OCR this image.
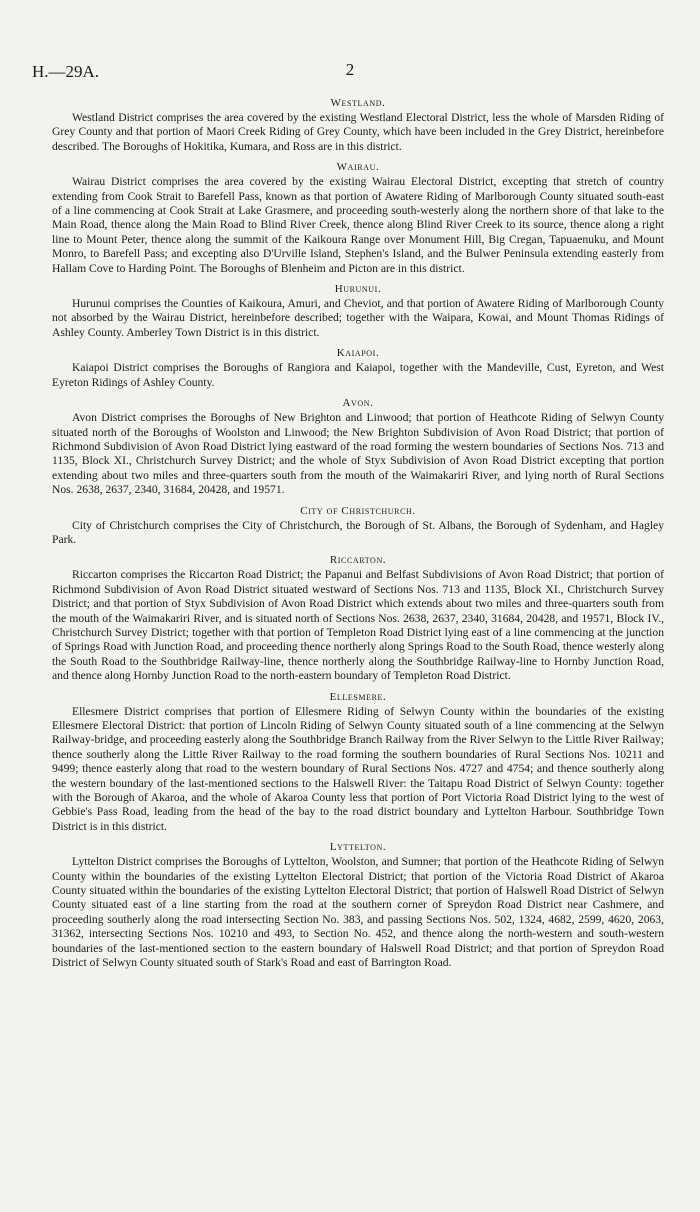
H.—29A.	2
Westland.

Westland District comprises the area covered by the existing Westland Electoral District, less the whole of Marsden Riding of Grey County and that portion of Maori Creek Riding of Grey County, which have been included in the Grey District, hereinbefore described. The Boroughs of Hokitika, Kumara, and Ross are in this district.

Wairau.

Wairau District comprises the area covered by the existing Wairau Electoral District, excepting that stretch of country extending from Cook Strait to Barefell Pass, known as that portion of Awatere Riding of Marlborough County situated south-east of a line commencing at Cook Strait at Lake Grasmere, and proceeding south-westerly along the northern shore of that lake to the Main Road, thence along the Main Road to Blind River Creek, thence along Blind River Creek to its source, thence along a right line to Mount Peter, thence along the summit of the Kaikoura Range over Monument Hill, Big Cregan, Tapuaenuku, and Mount Monro, to Barefell Pass; and excepting also D'Urville Island, Stephen's Island, and the Bulwer Peninsula extending easterly from Hallam Cove to Harding Point. The Boroughs of Blenheim and Picton are in this district.

Hurunui.

Hurunui comprises the Counties of Kaikoura, Amuri, and Cheviot, and that portion of Awatere Riding of Marlborough County not absorbed by the Wairau District, hereinbefore described; together with the Waipara, Kowai, and Mount Thomas Ridings of Ashley County. Amberley Town District is in this district.

Kaiapoi.

Kaiapoi District comprises the Boroughs of Rangiora and Kaiapoi, together with the Mandeville, Cust, Eyreton, and West Eyreton Ridings of Ashley County.

Avon.

Avon District comprises the Boroughs of New Brighton and Linwood; that portion of Heathcote Riding of Selwyn County situated north of the Boroughs of Woolston and Linwood; the New Brighton Subdivision of Avon Road District; that portion of Richmond Subdivision of Avon Road District lying eastward of the road forming the western boundaries of Sections Nos. 713 and 1135, Block XI., Christchurch Survey District; and the whole of Styx Subdivision of Avon Road District excepting that portion extending about two miles and three-quarters south from the mouth of the Waimakariri River, and lying north of Rural Sections Nos. 2638, 2637, 2340, 31684, 20428, and 19571.

City of Christchurch.

City of Christchurch comprises the City of Christchurch, the Borough of St. Albans, the Borough of Sydenham, and Hagley Park.

Riccarton.

Riccarton comprises the Riccarton Road District; the Papanui and Belfast Subdivisions of Avon Road District; that portion of Richmond Subdivision of Avon Road District situated westward of Sections Nos. 713 and 1135, Block XI., Christchurch Survey District; and that portion of Styx Subdivision of Avon Road District which extends about two miles and three-quarters south from the mouth of the Waimakariri River, and is situated north of Sections Nos. 2638, 2637, 2340, 31684, 20428, and 19571, Block IV., Christchurch Survey District; together with that portion of Templeton Road District lying east of a line commencing at the junction of Springs Road with Junction Road, and proceeding thence northerly along Springs Road to the South Road, thence westerly along the South Road to the Southbridge Railway-line, thence northerly along the Southbridge Railway-line to Hornby Junction Road, and thence along Hornby Junction Road to the north-eastern boundary of Templeton Road District.

Ellesmere.

Ellesmere District comprises that portion of Ellesmere Riding of Selwyn County within the boundaries of the existing Ellesmere Electoral District: that portion of Lincoln Riding of Selwyn County situated south of a line commencing at the Selwyn Railway-bridge, and proceeding easterly along the Southbridge Branch Railway from the River Selwyn to the Little River Railway; thence southerly along the Little River Railway to the road forming the southern boundaries of Rural Sections Nos. 10211 and 9499; thence easterly along that road to the western boundary of Rural Sections Nos. 4727 and 4754; and thence southerly along the western boundary of the last-mentioned sections to the Halswell River: the Taitapu Road District of Selwyn County: together with the Borough of Akaroa, and the whole of Akaroa County less that portion of Port Victoria Road District lying to the west of Gebbie's Pass Road, leading from the head of the bay to the road district boundary and Lyttelton Harbour. Southbridge Town District is in this district.

Lyttelton.

Lyttelton District comprises the Boroughs of Lyttelton, Woolston, and Sumner; that portion of the Heathcote Riding of Selwyn County within the boundaries of the existing Lyttelton Electoral District; that portion of the Victoria Road District of Akaroa County situated within the boundaries of the existing Lyttelton Electoral District; that portion of Halswell Road District of Selwyn County situated east of a line starting from the road at the southern corner of Spreydon Road District near Cashmere, and proceeding southerly along the road intersecting Section No. 383, and passing Sections Nos. 502, 1324, 4682, 2599, 4620, 2063, 31362, intersecting Sections Nos. 10210 and 493, to Section No. 452, and thence along the north-western and south-western boundaries of the last-mentioned section to the eastern boundary of Halswell Road District; and that portion of Spreydon Road District of Selwyn County situated south of Stark's Road and east of Barrington Road.
